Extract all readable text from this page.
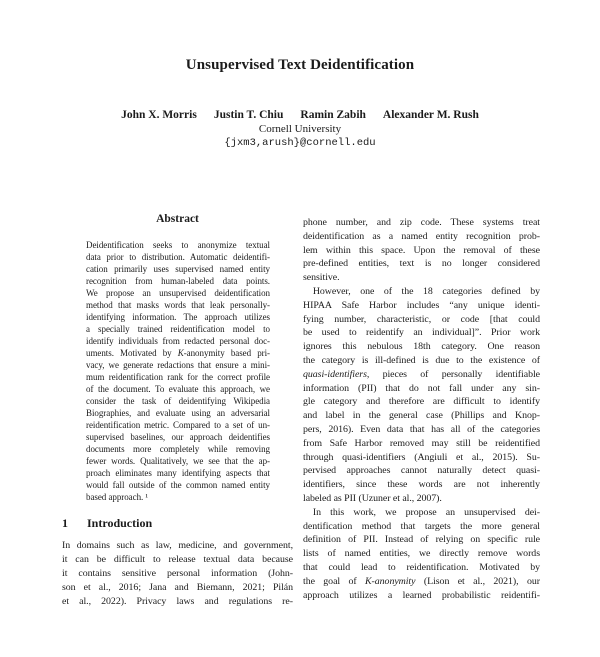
Unsupervised Text Deidentification
John X. Morris Justin T. Chiu Ramin Zabih Alexander M. Rush
Cornell University
{jxm3,arush}@cornell.edu
Abstract
Deidentification seeks to anonymize textual
data prior to distribution. Automatic deidentifi-
cation primarily uses supervised named entity
recognition from human-labeled data points.
We propose an unsupervised deidentification
method that masks words that leak personally-
identifying information. The approach utilizes
a specially trained reidentification model to
identify individuals from redacted personal doc-
uments. Motivated by K-anonymity based pri-
vacy, we generate redactions that ensure a mini-
mum reidentification rank for the correct profile
of the document. To evaluate this approach, we
consider the task of deidentifying Wikipedia
Biographies, and evaluate using an adversarial
reidentification metric. Compared to a set of un-
supervised baselines, our approach deidentifies
documents more completely while removing
fewer words. Qualitatively, we see that the ap-
proach eliminates many identifying aspects that
would fall outside of the common named entity
based approach. ¹
1 Introduction
In domains such as law, medicine, and government,
it can be difficult to release textual data because
it contains sensitive personal information (John-
son et al., 2016; Jana and Biemann, 2021; Pilán
et al., 2022). Privacy laws and regulations re-
phone number, and zip code. These systems treat
deidentification as a named entity recognition prob-
lem within this space. Upon the removal of these
pre-defined entities, text is no longer considered
sensitive.
 However, one of the 18 categories defined by
HIPAA Safe Harbor includes “any unique identi-
fying number, characteristic, or code [that could
be used to reidentify an individual]”. Prior work
ignores this nebulous 18th category. One reason
the category is ill-defined is due to the existence of
quasi-identifiers, pieces of personally identifiable
information (PII) that do not fall under any sin-
gle category and therefore are difficult to identify
and label in the general case (Phillips and Knop-
pers, 2016). Even data that has all of the categories
from Safe Harbor removed may still be reidentified
through quasi-identifiers (Angiuli et al., 2015). Su-
pervised approaches cannot naturally detect quasi-
identifiers, since these words are not inherently
labeled as PII (Uzuner et al., 2007).
 In this work, we propose an unsupervised dei-
dentification method that targets the more general
definition of PII. Instead of relying on specific rule
lists of named entities, we directly remove words
that could lead to reidentification. Motivated by
the goal of K-anonymity (Lison et al., 2021), our
approach utilizes a learned probabilistic reidentifi-
